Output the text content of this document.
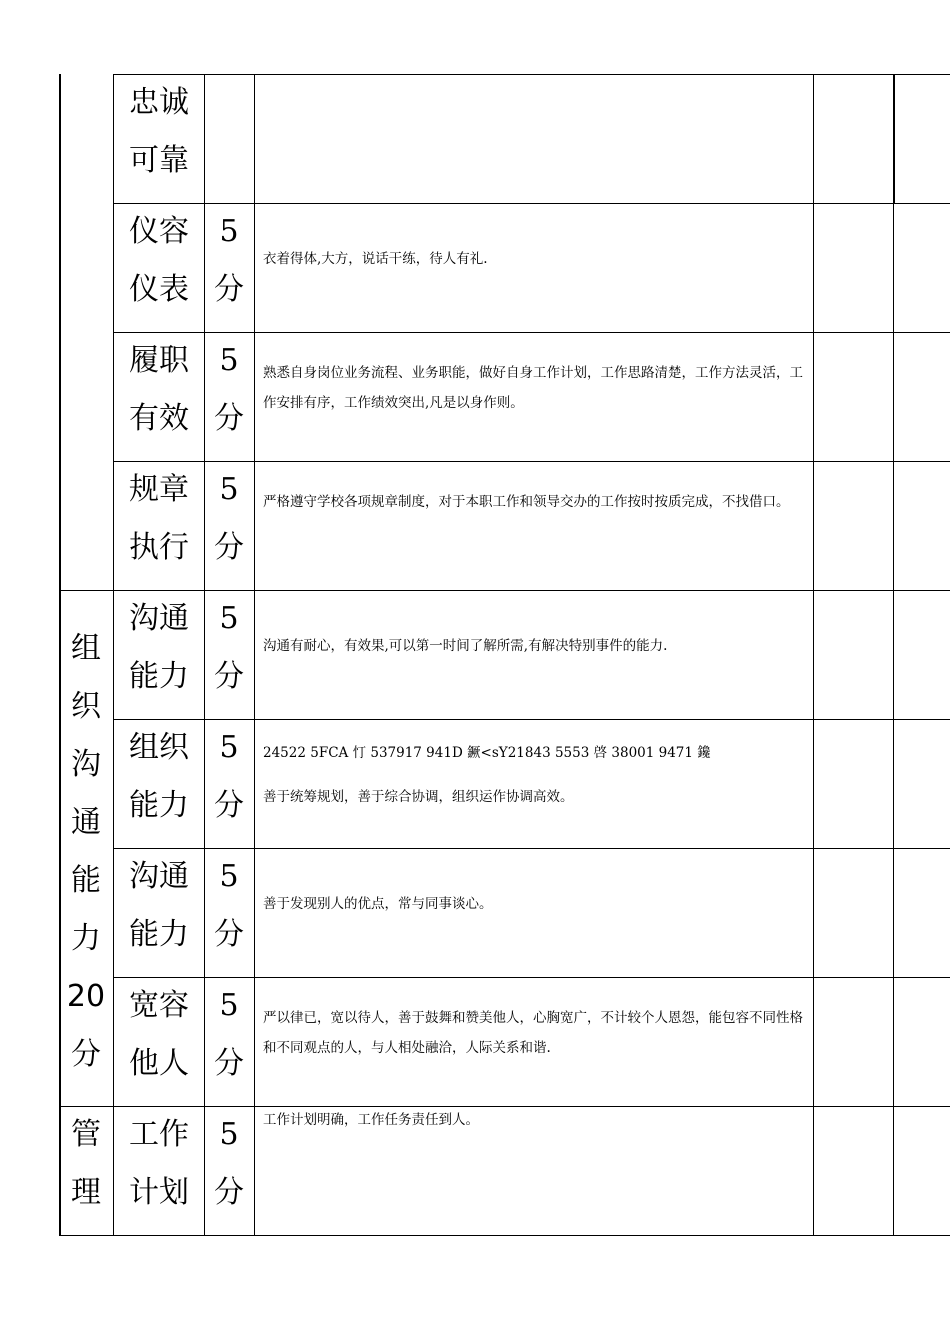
组
织
沟
通
能
力
20
分
管
理
忠诚
可靠
仪容
仪表
5
分
衣着得体,大方，说话干练，待人有礼.
履职
有效
5
分
熟悉自身岗位业务流程、业务职能，做好自身工作计划，工作思路清楚，工作方法灵活，工作安排有序，工作绩效突出,凡是以身作则。
规章
执行
5
分
严格遵守学校各项规章制度，对于本职工作和领导交办的工作按时按质完成，不找借口。
沟通
能力
5
分
沟通有耐心，有效果,可以第一时间了解所需,有解决特别事件的能力.
组织
能力
5
分
24522 5FCA 忊 537917 941D 鐝<sY21843 5553 啓 38001 9471 鑱
善于统筹规划，善于综合协调，组织运作协调高效。
沟通
能力
5
分
善于发现别人的优点，常与同事谈心。
宽容
他人
5
分
严以律已，宽以待人，善于鼓舞和赞美他人，心胸宽广，不计较个人恩怨，能包容不同性格和不同观点的人，与人相处融洽，人际关系和谐.
工作
计划
5
分
工作计划明确，工作任务责任到人。
